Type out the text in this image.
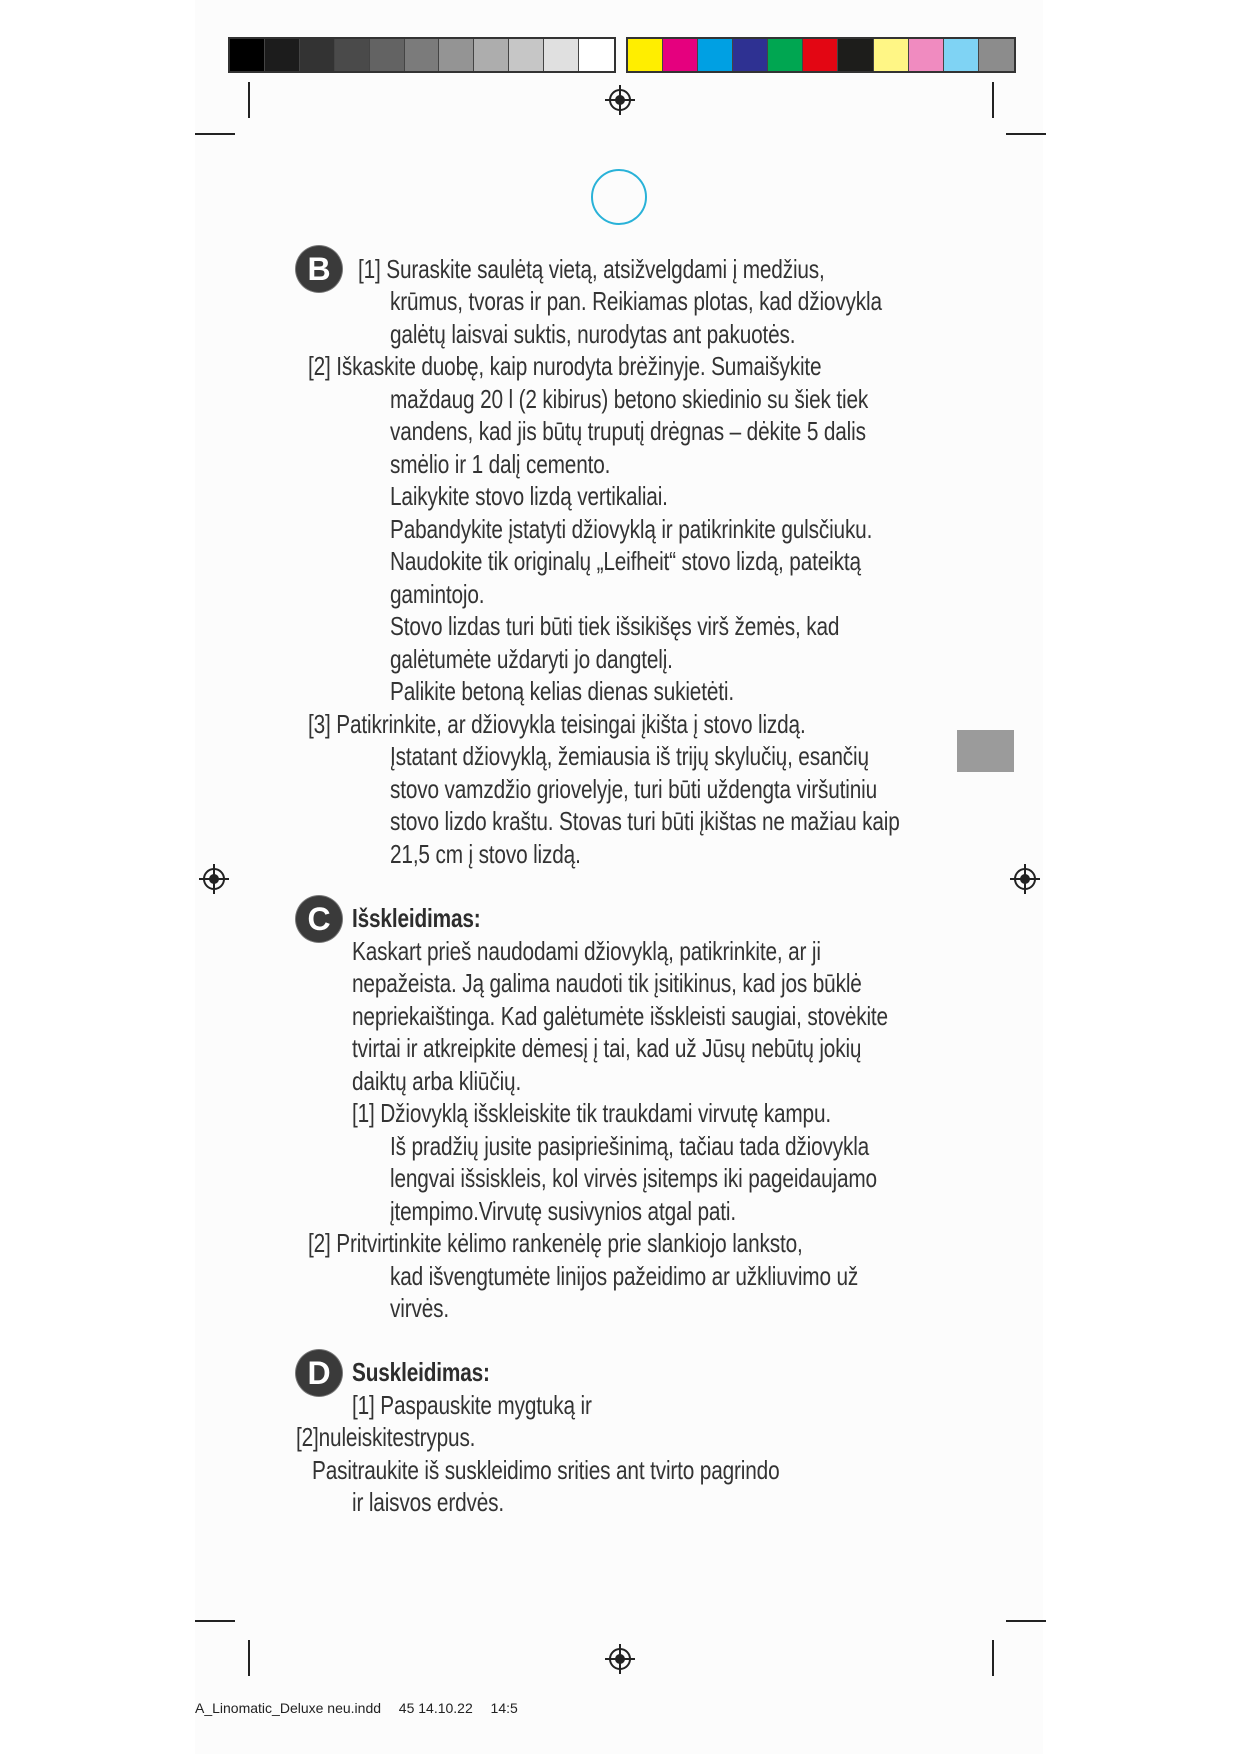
B	[1] Suraskite saulėtą vietą, atsižvelgdami į medžius,
krūmus, tvoras ir pan. Reikiamas plotas, kad džiovykla
galėtų laisvai suktis, nurodytas ant pakuotės.
[2] Iškaskite duobę, kaip nurodyta brėžinyje. Sumaišykite
maždaug 20 l (2 kibirus) betono skiedinio su šiek tiek
vandens, kad jis būtų truputį drėgnas – dėkite 5 dalis
smėlio ir 1 dalį cemento.
Laikykite stovo lizdą vertikaliai.
Pabandykite įstatyti džiovyklą ir patikrinkite gulsčiuku.
Naudokite tik originalų „Leifheit“ stovo lizdą, pateiktą
gamintojo.
Stovo lizdas turi būti tiek išsikišęs virš žemės, kad
galėtumėte uždaryti jo dangtelį.
Palikite betoną kelias dienas sukietėti.
[3] Patikrinkite, ar džiovykla teisingai įkišta į stovo lizdą.
Įstatant džiovyklą, žemiausia iš trijų skylučių, esančių
stovo vamzdžio griovelyje, turi būti uždengta viršutiniu
stovo lizdo kraštu. Stovas turi būti įkištas ne mažiau kaip
21,5 cm į stovo lizdą.
C Išskleidimas:
Kaskart prieš naudodami džiovyklą, patikrinkite, ar ji
nepažeista. Ją galima naudoti tik įsitikinus, kad jos būklė
nepriekaištinga. Kad galėtumėte išskleisti saugiai, stovėkite
tvirtai ir atkreipkite dėmesį į tai, kad už Jūsų nebūtų jokių
daiktų arba kliūčių.
[1] Džiovyklą išskleiskite tik traukdami virvutę kampu.
Iš pradžių jusite pasipriešinimą, tačiau tada džiovykla
lengvai išsiskleis, kol virvės įsitemps iki pageidaujamo
įtempimo.Virvutę susivynios atgal pati.
[2] Pritvirtinkite kėlimo rankenėlę prie slankiojo lanksto,
kad išvengtumėte linijos pažeidimo ar užkliuvimo už
virvės.
D Suskleidimas:
[1] Paspauskite mygtuką ir
[2]nuleiskitestrypus.
Pasitraukite iš suskleidimo srities ant tvirto pagrindo
ir laisvos erdvės.
A_Linomatic_Deluxe neu.indd 45 14.10.22 14:5
